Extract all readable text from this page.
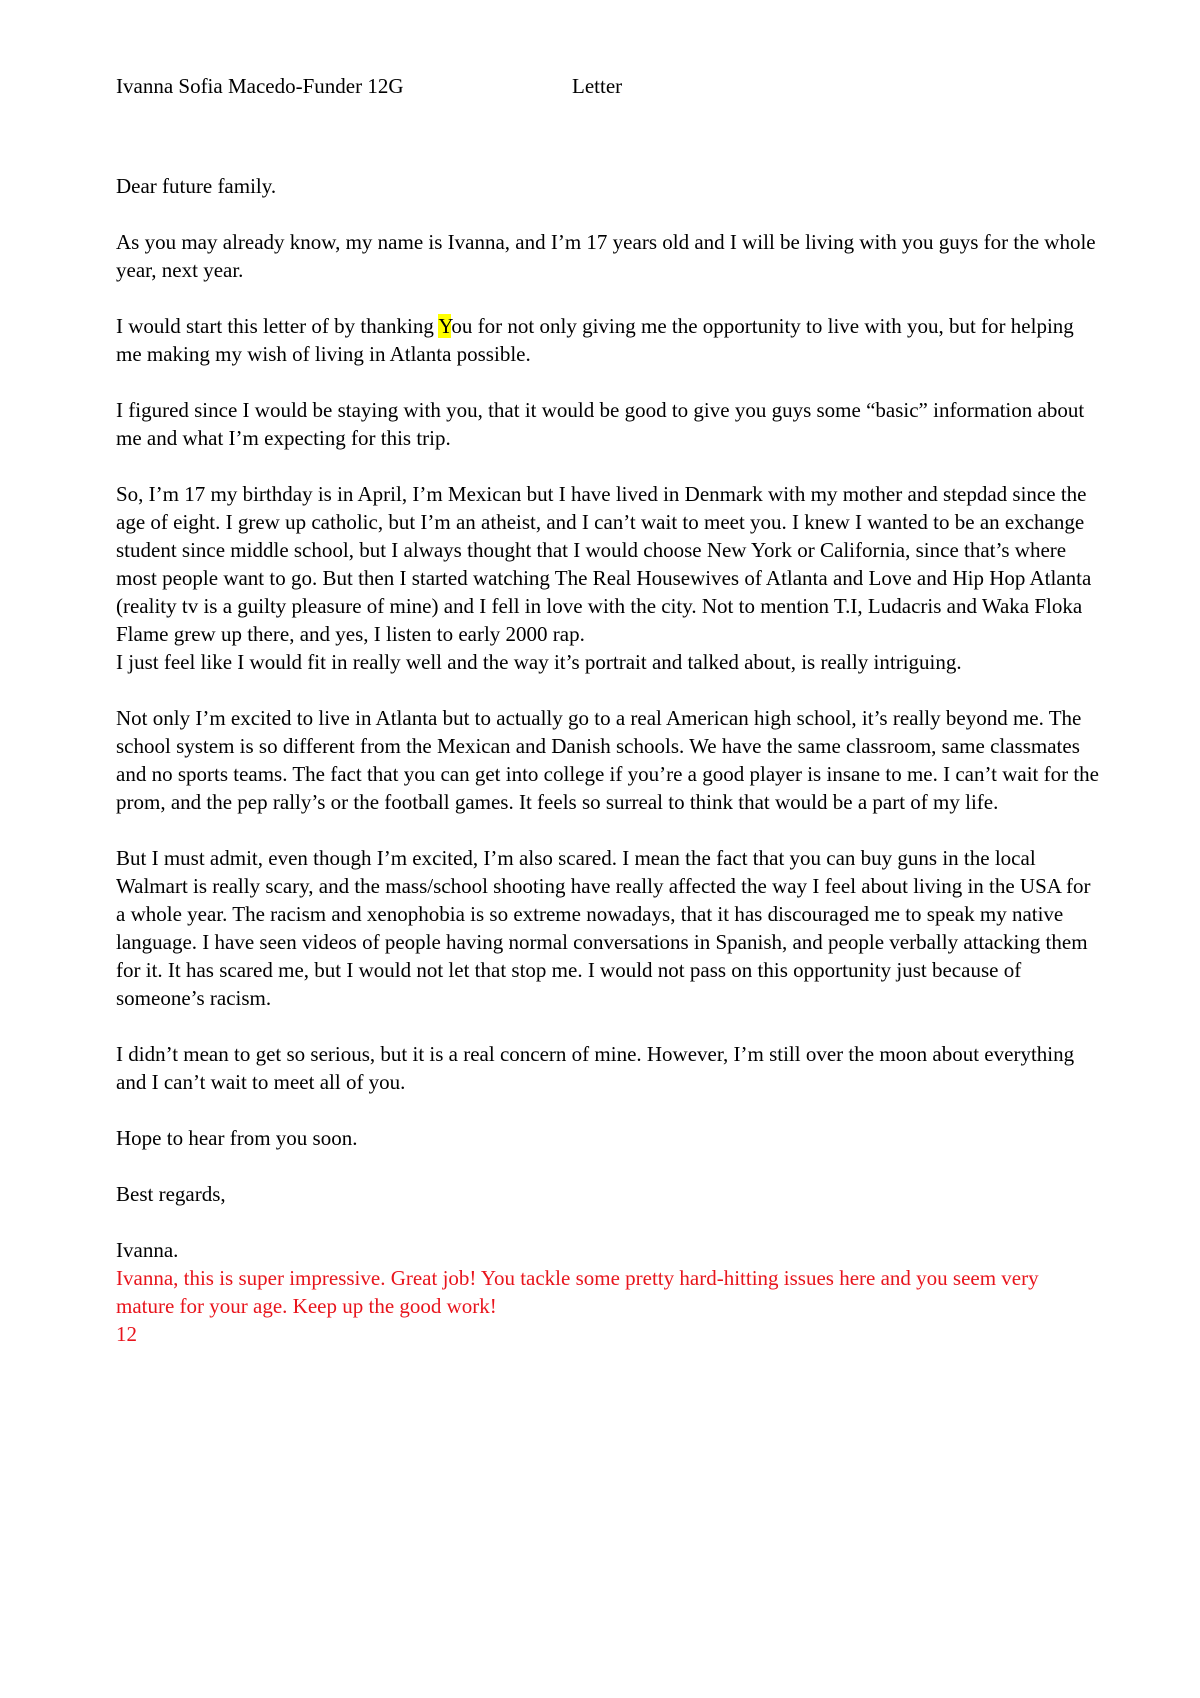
Ivanna Sofia Macedo-Funder 12G	Letter

Dear future family.

As you may already know, my name is Ivanna, and I’m 17 years old and I will be living with you guys for the whole year, next year.

I would start this letter of by thanking You for not only giving me the opportunity to live with you, but for helping me making my wish of living in Atlanta possible.

I figured since I would be staying with you, that it would be good to give you guys some “basic” information about me and what I’m expecting for this trip.

So, I’m 17 my birthday is in April, I’m Mexican but I have lived in Denmark with my mother and stepdad since the age of eight. I grew up catholic, but I’m an atheist, and I can’t wait to meet you. I knew I wanted to be an exchange student since middle school, but I always thought that I would choose New York or California, since that’s where most people want to go. But then I started watching The Real Housewives of Atlanta and Love and Hip Hop Atlanta (reality tv is a guilty pleasure of mine) and I fell in love with the city. Not to mention T.I, Ludacris and Waka Floka Flame grew up there, and yes, I listen to early 2000 rap.

I just feel like I would fit in really well and the way it’s portrait and talked about, is really intriguing.

Not only I’m excited to live in Atlanta but to actually go to a real American high school, it’s really beyond me. The school system is so different from the Mexican and Danish schools. We have the same classroom, same classmates and no sports teams. The fact that you can get into college if you’re a good player is insane to me. I can’t wait for the prom, and the pep rally’s or the football games. It feels so surreal to think that would be a part of my life.

But I must admit, even though I’m excited, I’m also scared. I mean the fact that you can buy guns in the local Walmart is really scary, and the mass/school shooting have really affected the way I feel about living in the USA for a whole year. The racism and xenophobia is so extreme nowadays, that it has discouraged me to speak my native language. I have seen videos of people having normal conversations in Spanish, and people verbally attacking them for it. It has scared me, but I would not let that stop me. I would not pass on this opportunity just because of someone’s racism.

I didn’t mean to get so serious, but it is a real concern of mine. However, I’m still over the moon about everything and I can’t wait to meet all of you.

Hope to hear from you soon.

Best regards,

Ivanna.

Ivanna, this is super impressive. Great job! You tackle some pretty hard-hitting issues here and you seem very mature for your age. Keep up the good work!

12
